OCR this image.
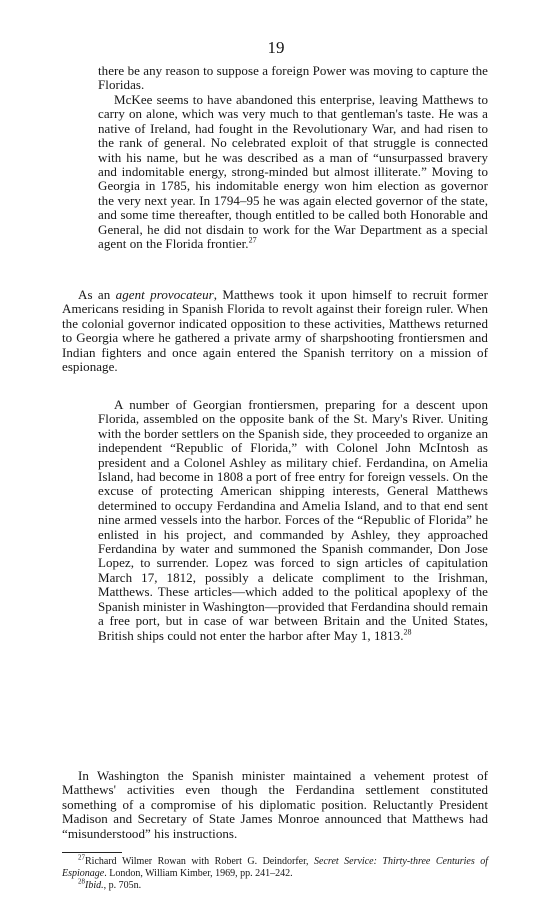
19

there be any reason to suppose a foreign Power was moving to capture the Floridas.

McKee seems to have abandoned this enterprise, leaving Matthews to carry on alone, which was very much to that gentleman's taste. He was a native of Ireland, had fought in the Revolutionary War, and had risen to the rank of general. No celebrated exploit of that struggle is connected with his name, but he was described as a man of “unsurpassed bravery and indomitable energy, strong-minded but almost illiterate.” Moving to Georgia in 1785, his indomitable energy won him election as governor the very next year. In 1794–95 he was again elected governor of the state, and some time thereafter, though entitled to be called both Honorable and General, he did not disdain to work for the War Department as a special agent on the Florida frontier.$^{27}$

As an agent provocateur, Matthews took it upon himself to recruit former Americans residing in Spanish Florida to revolt against their foreign ruler. When the colonial governor indicated opposition to these activities, Matthews returned to Georgia where he gathered a private army of sharpshooting frontiersmen and Indian fighters and once again entered the Spanish territory on a mission of espionage.

A number of Georgian frontiersmen, preparing for a descent upon Florida, assembled on the opposite bank of the St. Mary's River. Uniting with the border settlers on the Spanish side, they proceeded to organize an independent “Republic of Florida,” with Colonel John McIntosh as president and a Colonel Ashley as military chief. Ferdandina, on Amelia Island, had become in 1808 a port of free entry for foreign vessels. On the excuse of protecting American shipping interests, General Matthews determined to occupy Ferdandina and Amelia Island, and to that end sent nine armed vessels into the harbor. Forces of the “Republic of Florida” he enlisted in his project, and commanded by Ashley, they approached Ferdandina by water and summoned the Spanish commander, Don Jose Lopez, to surrender. Lopez was forced to sign articles of capitulation March 17, 1812, possibly a delicate compliment to the Irishman, Matthews. These articles—which added to the political apoplexy of the Spanish minister in Washington—provided that Ferdandina should remain a free port, but in case of war between Britain and the United States, British ships could not enter the harbor after May 1, 1813.28

In Washington the Spanish minister maintained a vehement protest of Matthews' activities even though the Ferdandina settlement constituted something of a compromise of his diplomatic position. Reluctantly President Madison and Secretary of State James Monroe announced that Matthews had “misunderstood” his instructions.

$^{27}$Richard Wilmer Rowan with Robert G. Deindorfer, Secret Service: Thirty-three Centuries of Espionage. London, William Kimber, 1969, pp. 241–242.

$^{28}$Ibid., p. 705n.
